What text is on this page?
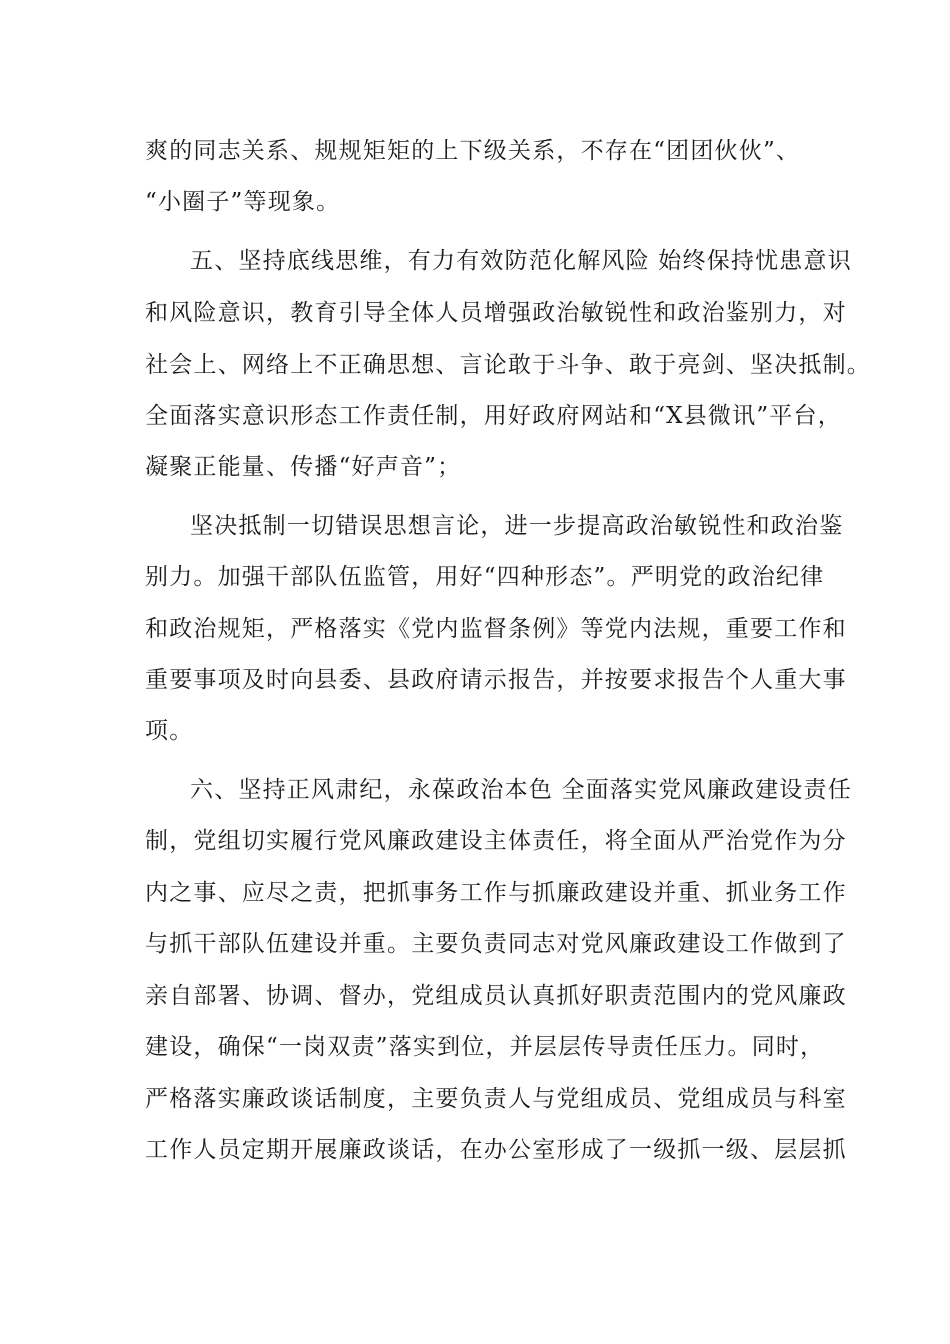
爽的同志关系、规规矩矩的上下级关系，不存在“团团伙伙”、
“小圈子”等现象。
五、坚持底线思维，有力有效防范化解风险 始终保持忧患意识
和风险意识，教育引导全体人员增强政治敏锐性和政治鉴别力，对
社会上、网络上不正确思想、言论敢于斗争、敢于亮剑、坚决抵制。
全面落实意识形态工作责任制，用好政府网站和“X县微讯”平台，
凝聚正能量、传播“好声音”；
坚决抵制一切错误思想言论，进一步提高政治敏锐性和政治鉴
别力。加强干部队伍监管，用好“四种形态”。严明党的政治纪律
和政治规矩，严格落实《党内监督条例》等党内法规，重要工作和
重要事项及时向县委、县政府请示报告，并按要求报告个人重大事
项。
六、坚持正风肃纪，永葆政治本色 全面落实党风廉政建设责任
制，党组切实履行党风廉政建设主体责任，将全面从严治党作为分
内之事、应尽之责，把抓事务工作与抓廉政建设并重、抓业务工作
与抓干部队伍建设并重。主要负责同志对党风廉政建设工作做到了
亲自部署、协调、督办，党组成员认真抓好职责范围内的党风廉政
建设，确保“一岗双责”落实到位，并层层传导责任压力。同时，
严格落实廉政谈话制度，主要负责人与党组成员、党组成员与科室
工作人员定期开展廉政谈话，在办公室形成了一级抓一级、层层抓
